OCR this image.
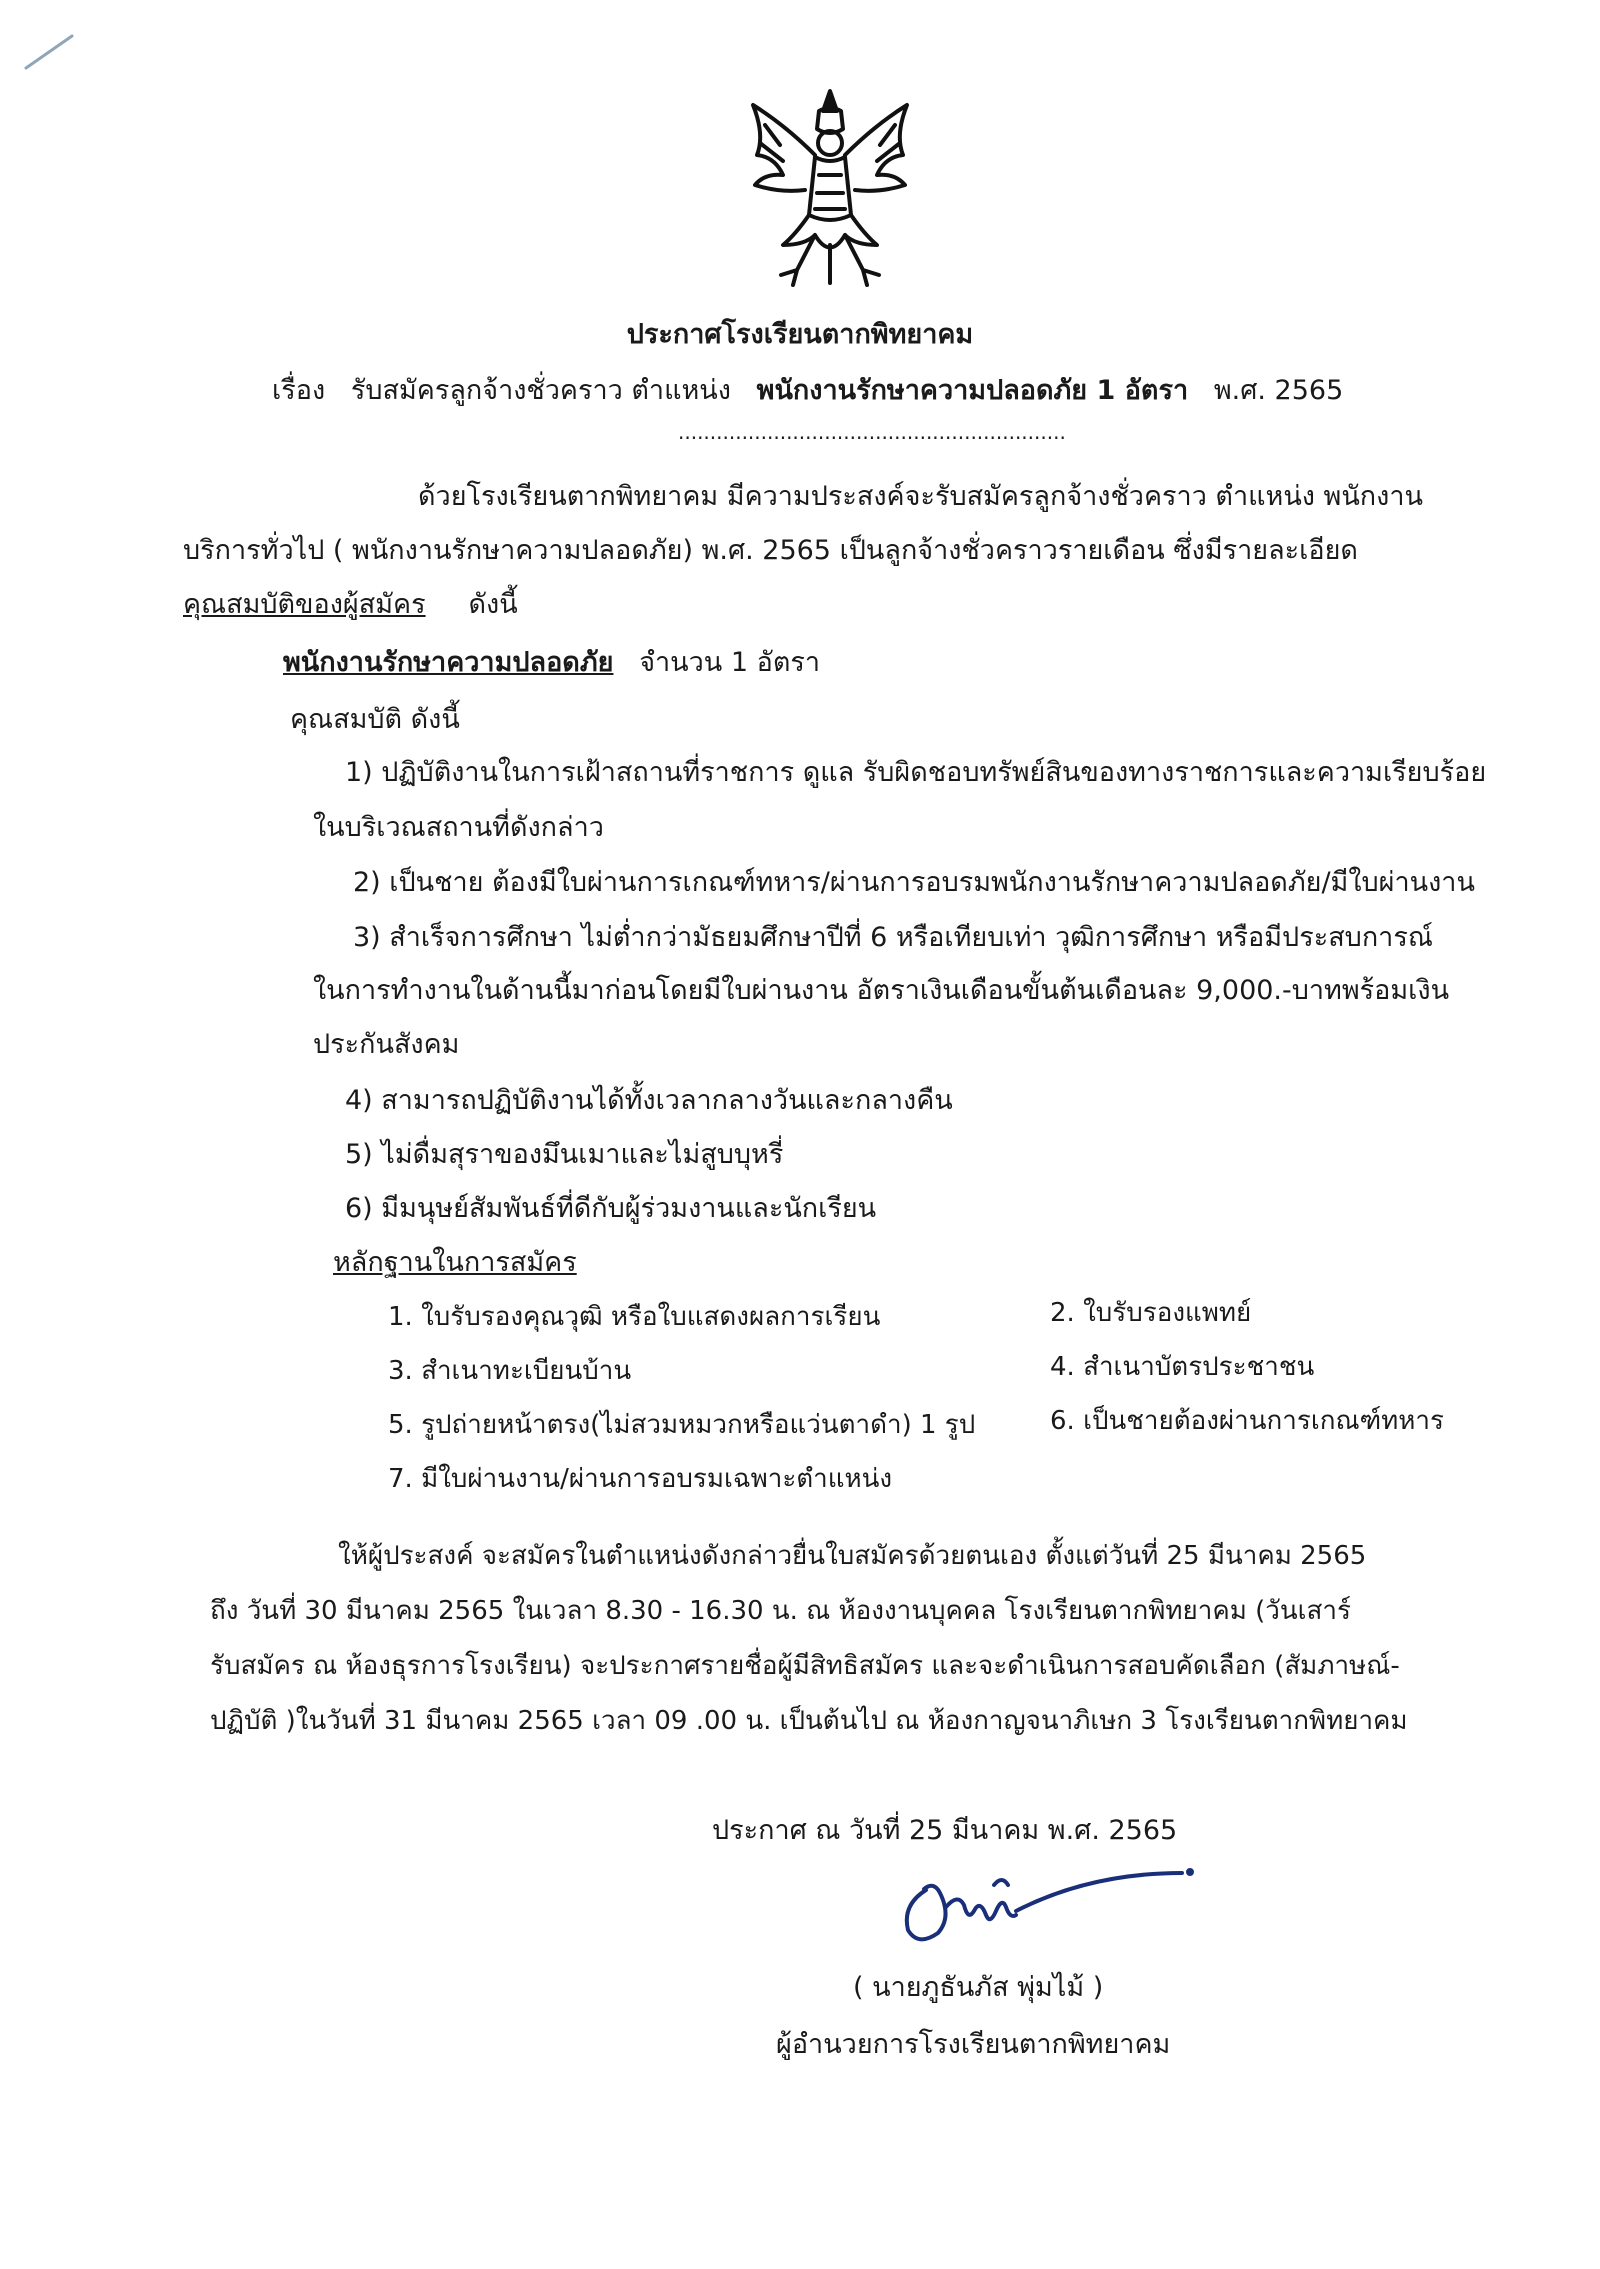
ประกาศโรงเรียนตากพิทยาคม
เรื่อง รับสมัครลูกจ้างชั่วคราว ตำแหน่ง พนักงานรักษาความปลอดภัย 1 อัตรา พ.ศ. 2565
.............................................................
ด้วยโรงเรียนตากพิทยาคม มีความประสงค์จะรับสมัครลูกจ้างชั่วคราว ตำแหน่ง พนักงาน
บริการทั่วไป ( พนักงานรักษาความปลอดภัย) พ.ศ. 2565 เป็นลูกจ้างชั่วคราวรายเดือน ซึ่งมีรายละเอียด
คุณสมบัติของผู้สมัคร ดังนี้
พนักงานรักษาความปลอดภัย จำนวน 1 อัตรา
คุณสมบัติ ดังนี้
1) ปฏิบัติงานในการเฝ้าสถานที่ราชการ ดูแล รับผิดชอบทรัพย์สินของทางราชการและความเรียบร้อย
ในบริเวณสถานที่ดังกล่าว
2) เป็นชาย ต้องมีใบผ่านการเกณฑ์ทหาร/ผ่านการอบรมพนักงานรักษาความปลอดภัย/มีใบผ่านงาน
3) สำเร็จการศึกษา ไม่ต่ำกว่ามัธยมศึกษาปีที่ 6 หรือเทียบเท่า วุฒิการศึกษา หรือมีประสบการณ์
ในการทำงานในด้านนี้มาก่อนโดยมีใบผ่านงาน อัตราเงินเดือนขั้นต้นเดือนละ 9,000.-บาทพร้อมเงิน
ประกันสังคม
4) สามารถปฏิบัติงานได้ทั้งเวลากลางวันและกลางคืน
5) ไม่ดื่มสุราของมึนเมาและไม่สูบบุหรี่
6) มีมนุษย์สัมพันธ์ที่ดีกับผู้ร่วมงานและนักเรียน
หลักฐานในการสมัคร
1. ใบรับรองคุณวุฒิ หรือใบแสดงผลการเรียน	2. ใบรับรองแพทย์
3. สำเนาทะเบียนบ้าน	4. สำเนาบัตรประชาชน
5. รูปถ่ายหน้าตรง(ไม่สวมหมวกหรือแว่นตาดำ) 1 รูป	6. เป็นชายต้องผ่านการเกณฑ์ทหาร
7. มีใบผ่านงาน/ผ่านการอบรมเฉพาะตำแหน่ง
ให้ผู้ประสงค์ จะสมัครในตำแหน่งดังกล่าวยื่นใบสมัครด้วยตนเอง ตั้งแต่วันที่ 25 มีนาคม 2565
ถึง วันที่ 30 มีนาคม 2565 ในเวลา 8.30 - 16.30 น. ณ ห้องงานบุคคล โรงเรียนตากพิทยาคม (วันเสาร์
รับสมัคร ณ ห้องธุรการโรงเรียน) จะประกาศรายชื่อผู้มีสิทธิสมัคร และจะดำเนินการสอบคัดเลือก (สัมภาษณ์-
ปฏิบัติ )ในวันที่ 31 มีนาคม 2565 เวลา 09 .00 น. เป็นต้นไป ณ ห้องกาญจนาภิเษก 3 โรงเรียนตากพิทยาคม
ประกาศ ณ วันที่ 25 มีนาคม พ.ศ. 2565
( นายภูธันภัส พุ่มไม้ )
ผู้อำนวยการโรงเรียนตากพิทยาคม
